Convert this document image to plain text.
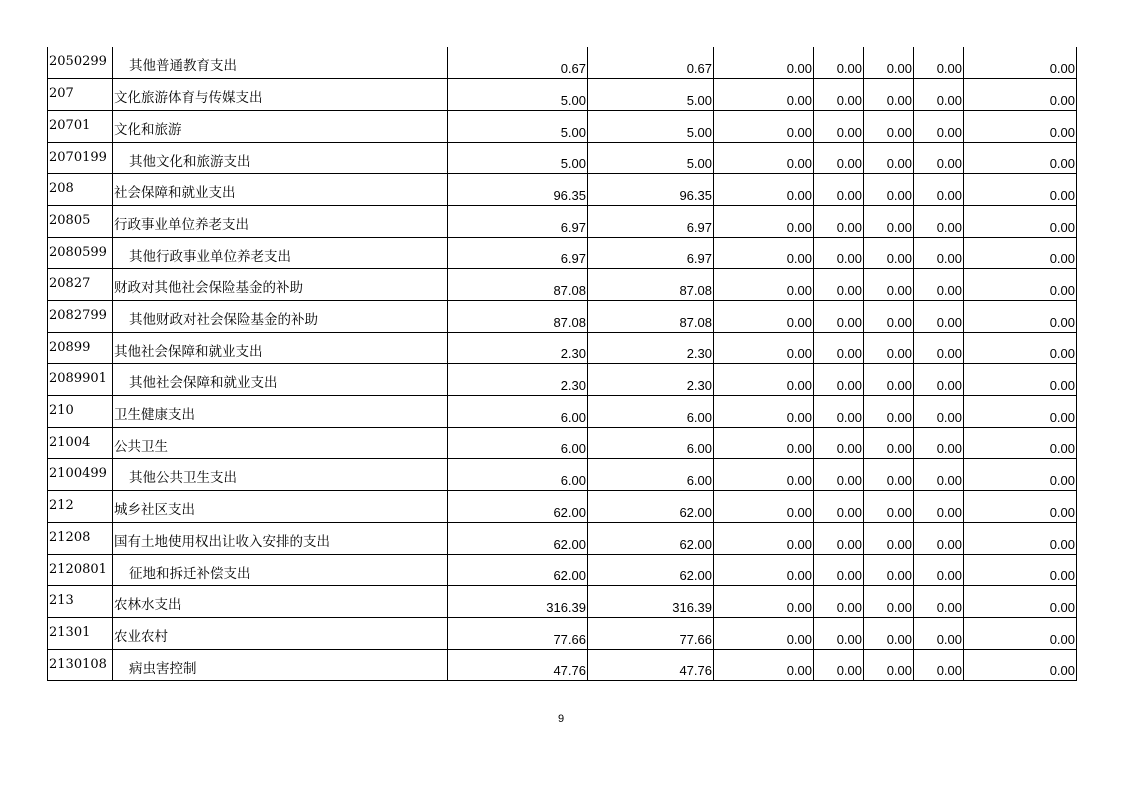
2050299	其他普通教育支出	0.67	0.67	0.00	0.00	0.00	0.00	0.00
207	文化旅游体育与传媒支出	5.00	5.00	0.00	0.00	0.00	0.00	0.00
20701	文化和旅游	5.00	5.00	0.00	0.00	0.00	0.00	0.00
2070199	其他文化和旅游支出	5.00	5.00	0.00	0.00	0.00	0.00	0.00
208	社会保障和就业支出	96.35	96.35	0.00	0.00	0.00	0.00	0.00
20805	行政事业单位养老支出	6.97	6.97	0.00	0.00	0.00	0.00	0.00
2080599	其他行政事业单位养老支出	6.97	6.97	0.00	0.00	0.00	0.00	0.00
20827	财政对其他社会保险基金的补助	87.08	87.08	0.00	0.00	0.00	0.00	0.00
2082799	其他财政对社会保险基金的补助	87.08	87.08	0.00	0.00	0.00	0.00	0.00
20899	其他社会保障和就业支出	2.30	2.30	0.00	0.00	0.00	0.00	0.00
2089901	其他社会保障和就业支出	2.30	2.30	0.00	0.00	0.00	0.00	0.00
210	卫生健康支出	6.00	6.00	0.00	0.00	0.00	0.00	0.00
21004	公共卫生	6.00	6.00	0.00	0.00	0.00	0.00	0.00
2100499	其他公共卫生支出	6.00	6.00	0.00	0.00	0.00	0.00	0.00
212	城乡社区支出	62.00	62.00	0.00	0.00	0.00	0.00	0.00
21208	国有土地使用权出让收入安排的支出	62.00	62.00	0.00	0.00	0.00	0.00	0.00
2120801	征地和拆迁补偿支出	62.00	62.00	0.00	0.00	0.00	0.00	0.00
213	农林水支出	316.39	316.39	0.00	0.00	0.00	0.00	0.00
21301	农业农村	77.66	77.66	0.00	0.00	0.00	0.00	0.00
2130108	病虫害控制	47.76	47.76	0.00	0.00	0.00	0.00	0.00
9
